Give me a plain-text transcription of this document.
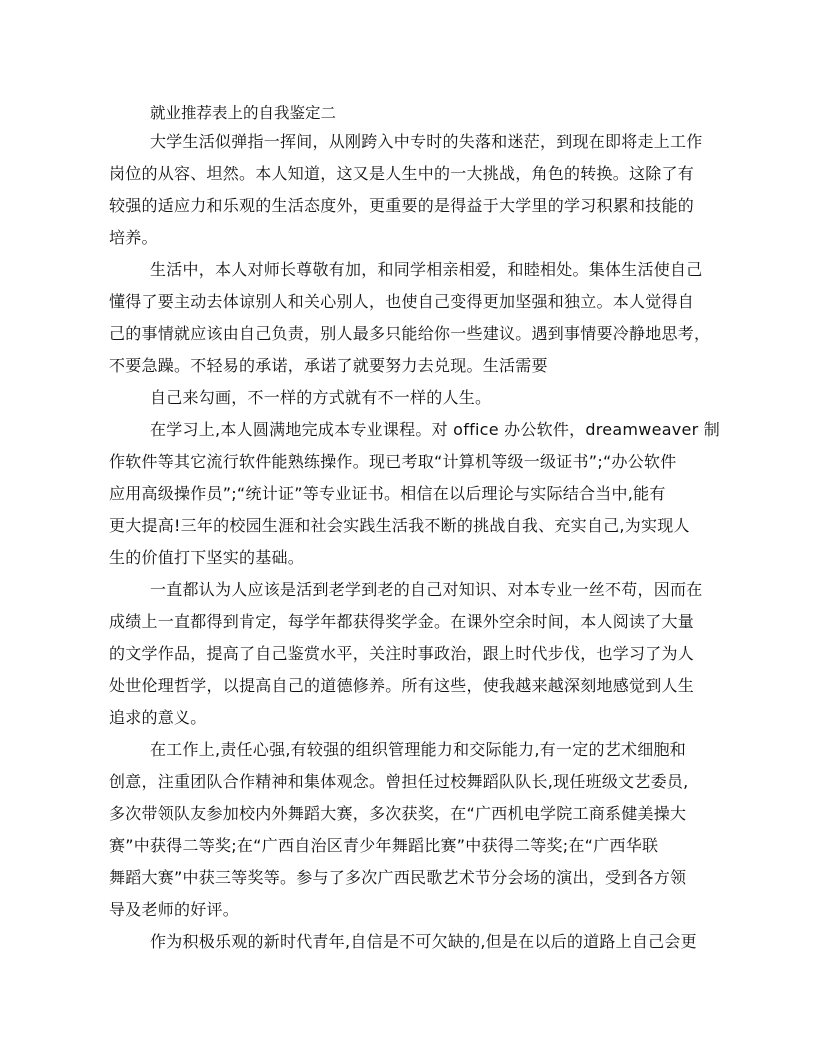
就业推荐表上的自我鉴定二
大学生活似弹指一挥间，从刚跨入中专时的失落和迷茫，到现在即将走上工作
岗位的从容、坦然。本人知道，这又是人生中的一大挑战，角色的转换。这除了有
较强的适应力和乐观的生活态度外，更重要的是得益于大学里的学习积累和技能的
培养。
生活中，本人对师长尊敬有加，和同学相亲相爱，和睦相处。集体生活使自己
懂得了要主动去体谅别人和关心别人，也使自己变得更加坚强和独立。本人觉得自
己的事情就应该由自己负责，别人最多只能给你一些建议。遇到事情要冷静地思考，
不要急躁。不轻易的承诺，承诺了就要努力去兑现。生活需要
自己来勾画，不一样的方式就有不一样的人生。
在学习上,本人圆满地完成本专业课程。对 office 办公软件，dreamweaver 制
作软件等其它流行软件能熟练操作。现已考取“计算机等级一级证书”;“办公软件
应用高级操作员”;“统计证”等专业证书。相信在以后理论与实际结合当中,能有
更大提高!三年的校园生涯和社会实践生活我不断的挑战自我、充实自己,为实现人
生的价值打下坚实的基础。
一直都认为人应该是活到老学到老的自己对知识、对本专业一丝不苟，因而在
成绩上一直都得到肯定，每学年都获得奖学金。在课外空余时间，本人阅读了大量
的文学作品，提高了自己鉴赏水平，关注时事政治，跟上时代步伐，也学习了为人
处世伦理哲学，以提高自己的道德修养。所有这些，使我越来越深刻地感觉到人生
追求的意义。
在工作上,责任心强,有较强的组织管理能力和交际能力,有一定的艺术细胞和
创意，注重团队合作精神和集体观念。曾担任过校舞蹈队队长,现任班级文艺委员,
多次带领队友参加校内外舞蹈大赛，多次获奖，在“广西机电学院工商系健美操大
赛”中获得二等奖;在“广西自治区青少年舞蹈比赛”中获得二等奖;在“广西华联
舞蹈大赛”中获三等奖等。参与了多次广西民歌艺术节分会场的演出，受到各方领
导及老师的好评。
作为积极乐观的新时代青年,自信是不可欠缺的,但是在以后的道路上自己会更
